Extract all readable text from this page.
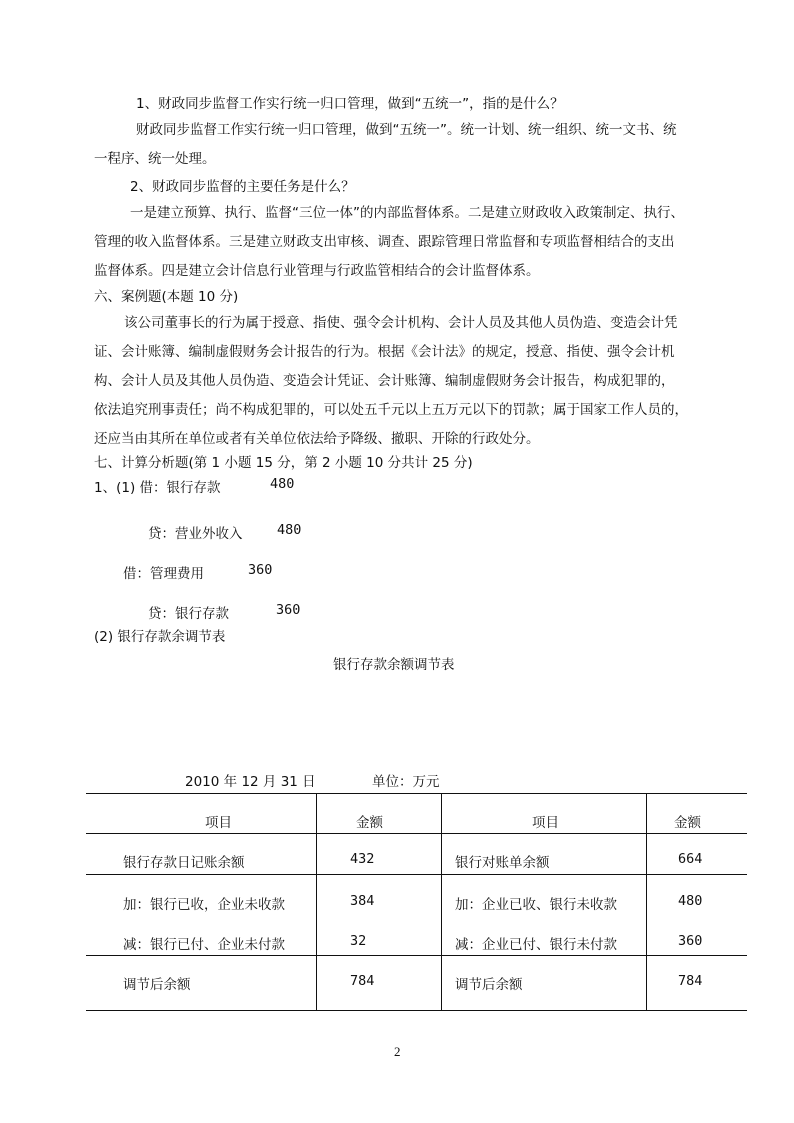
1、财政同步监督工作实行统一归口管理，做到“五统一”，指的是什么？
财政同步监督工作实行统一归口管理，做到“五统一”。统一计划、统一组织、统一文书、统
一程序、统一处理。
2、财政同步监督的主要任务是什么？
一是建立预算、执行、监督“三位一体”的内部监督体系。二是建立财政收入政策制定、执行、
管理的收入监督体系。三是建立财政支出审核、调查、跟踪管理日常监督和专项监督相结合的支出
监督体系。四是建立会计信息行业管理与行政监管相结合的会计监督体系。
六、案例题(本题 10 分)
该公司董事长的行为属于授意、指使、强令会计机构、会计人员及其他人员伪造、变造会计凭
证、会计账簿、编制虚假财务会计报告的行为。根据《会计法》的规定，授意、指使、强令会计机
构、会计人员及其他人员伪造、变造会计凭证、会计账簿、编制虚假财务会计报告，构成犯罪的，
依法追究刑事责任；尚不构成犯罪的，可以处五千元以上五万元以下的罚款；属于国家工作人员的，
还应当由其所在单位或者有关单位依法给予降级、撤职、开除的行政处分。
七、计算分析题(第 1 小题 15 分，第 2 小题 10 分共计 25 分)
1、(1) 借：银行存款	480
贷：营业外收入	480
借：管理费用	360
贷：银行存款	360
(2) 银行存款余调节表
银行存款余额调节表
2010 年 12 月 31 日	单位：万元
项目	金额	项目	金额
银行存款日记账余额	432	银行对账单余额	664
加：银行已收，企业未收款	384	加：企业已收、银行未收款	480
减：银行已付、企业未付款	32	减：企业已付、银行未付款	360
调节后余额	784	调节后余额	784
2
